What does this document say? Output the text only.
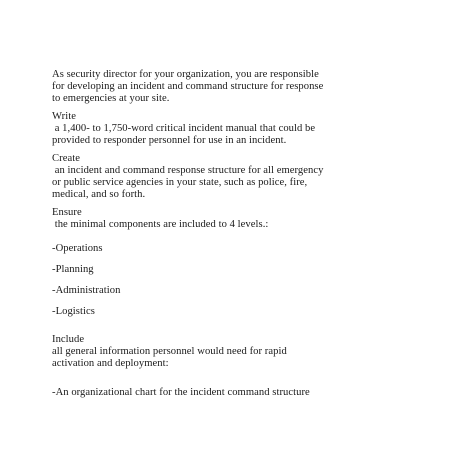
As security director for your organization, you are responsible
for developing an incident and command structure for response
to emergencies at your site.
Write
a 1,400- to 1,750-word critical incident manual that could be
provided to responder personnel for use in an incident.
Create
an incident and command response structure for all emergency
or public service agencies in your state, such as police, fire,
medical, and so forth.
Ensure
the minimal components are included to 4 levels.:
-Operations
-Planning
-Administration
-Logistics
Include
all general information personnel would need for rapid
activation and deployment:
-An organizational chart for the incident command structure
